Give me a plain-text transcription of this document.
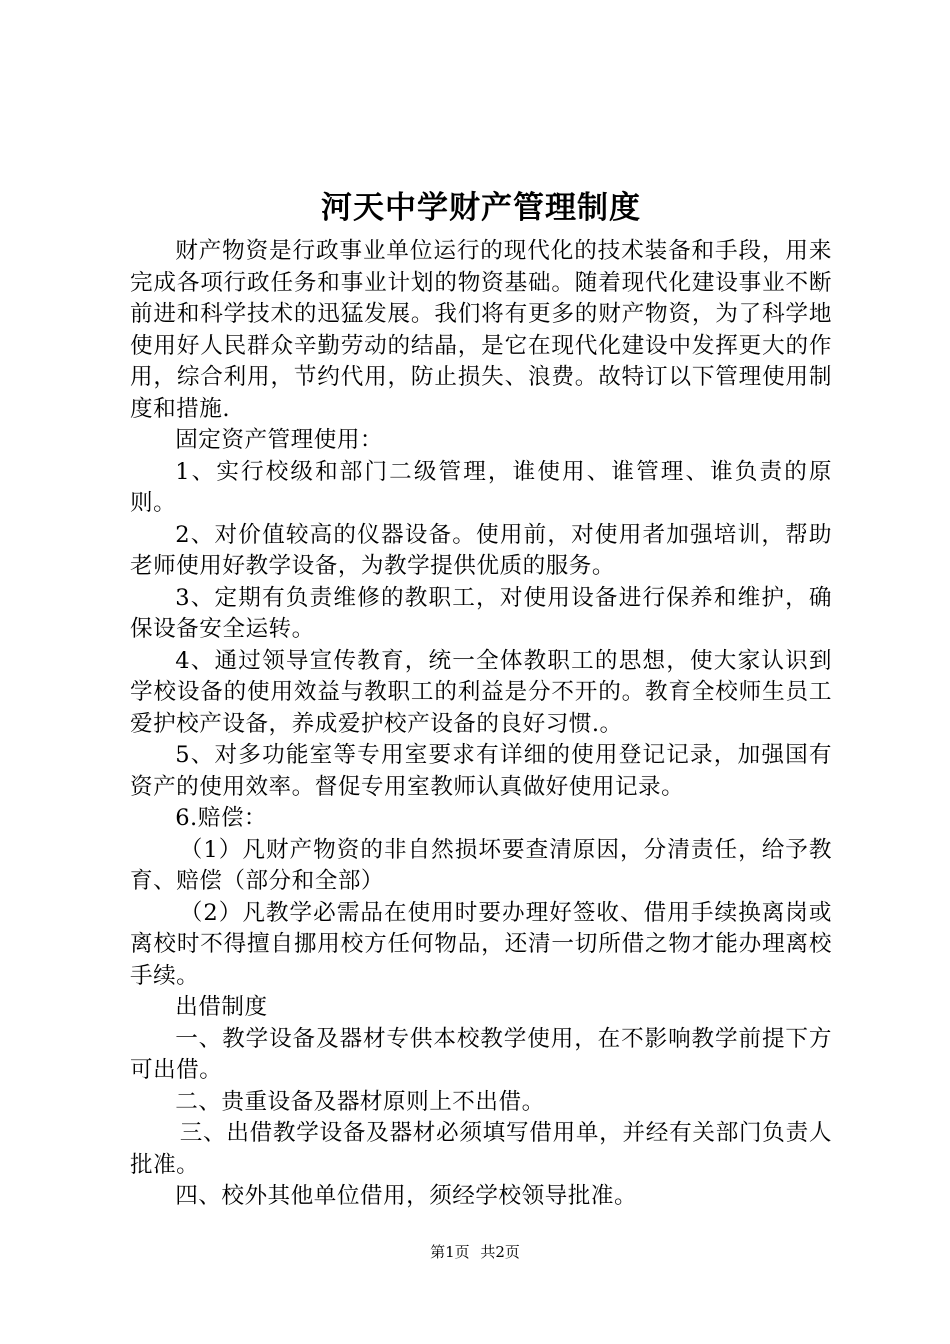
河天中学财产管理制度

财产物资是行政事业单位运行的现代化的技术装备和手段，用来完成各项行政任务和事业计划的物资基础。随着现代化建设事业不断前进和科学技术的迅猛发展。我们将有更多的财产物资，为了科学地使用好人民群众辛勤劳动的结晶，是它在现代化建设中发挥更大的作用，综合利用，节约代用，防止损失、浪费。故特订以下管理使用制度和措施.

固定资产管理使用：

1、实行校级和部门二级管理，谁使用、谁管理、谁负责的原则。

2、对价值较高的仪器设备。使用前，对使用者加强培训，帮助老师使用好教学设备，为教学提供优质的服务。

3、定期有负责维修的教职工，对使用设备进行保养和维护，确保设备安全运转。

4、通过领导宣传教育，统一全体教职工的思想，使大家认识到学校设备的使用效益与教职工的利益是分不开的。教育全校师生员工爱护校产设备，养成爱护校产设备的良好习惯.。

5、对多功能室等专用室要求有详细的使用登记记录，加强国有资产的使用效率。督促专用室教师认真做好使用记录。

6.赔偿：

（1）凡财产物资的非自然损坏要查清原因，分清责任，给予教育、赔偿（部分和全部）

（2）凡教学必需品在使用时要办理好签收、借用手续换离岗或离校时不得擅自挪用校方任何物品，还清一切所借之物才能办理离校手续。

出借制度

一、教学设备及器材专供本校教学使用，在不影响教学前提下方可出借。

二、贵重设备及器材原则上不出借。

三、出借教学设备及器材必须填写借用单，并经有关部门负责人批准。

四、校外其他单位借用，须经学校领导批准。

第1页 共2页
